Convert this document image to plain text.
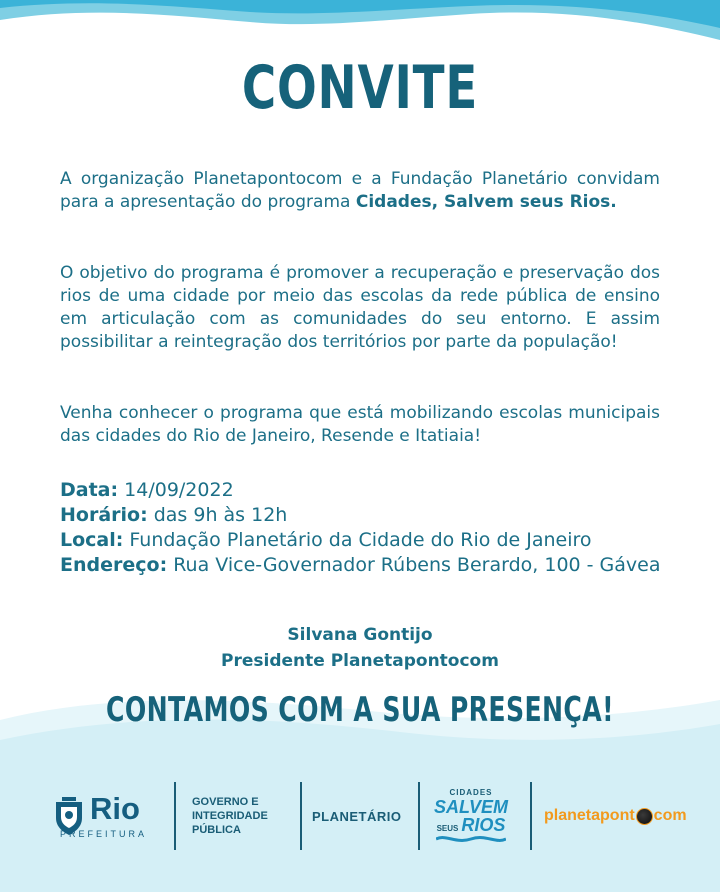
CONVITE
A organização Planetapontocom e a Fundação Planetário convidam para a apresentação do programa Cidades, Salvem seus Rios.
O objetivo do programa é promover a recuperação e preservação dos rios de uma cidade por meio das escolas da rede pública de ensino em articulação com as comunidades do seu entorno. E assim possibilitar a reintegração dos territórios por parte da população!
Venha conhecer o programa que está mobilizando escolas municipais das cidades do Rio de Janeiro, Resende e Itatiaia!
Data: 14/09/2022
Horário: das 9h às 12h
Local: Fundação Planetário da Cidade do Rio de Janeiro
Endereço: Rua Vice-Governador Rúbens Berardo, 100 - Gávea
Silvana Gontijo
Presidente Planetapontocom
CONTAMOS COM A SUA PRESENÇA!
Rio
PREFEITURA
GOVERNO E
INTEGRIDADE
PÚBLICA
PLANETÁRIO
CIDADES
SALVEM
SEUS RIOS planetapont com
